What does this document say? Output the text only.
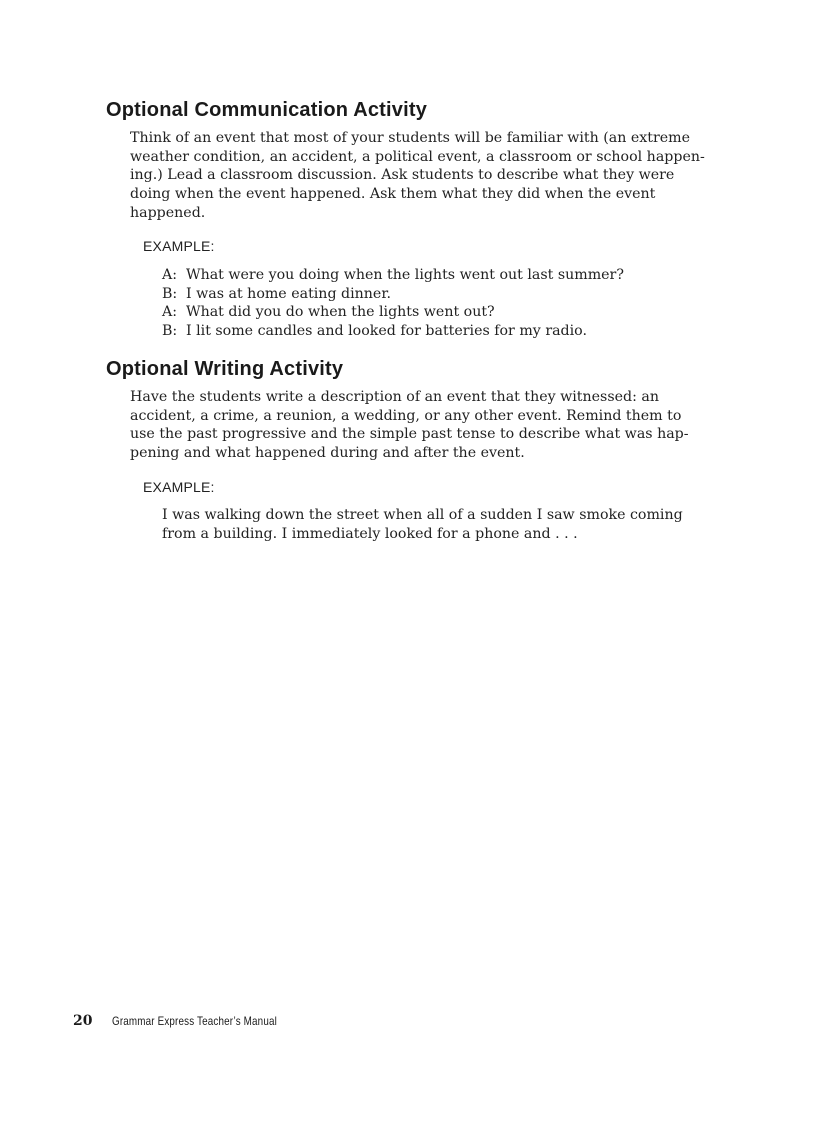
Optional Communication Activity

Think of an event that most of your students will be familiar with (an extreme
weather condition, an accident, a political event, a classroom or school happen-
ing.) Lead a classroom discussion. Ask students to describe what they were
doing when the event happened. Ask them what they did when the event
happened.

EXAMPLE:
A: What were you doing when the lights went out last summer?
B: I was at home eating dinner.
A: What did you do when the lights went out?
B: I lit some candles and looked for batteries for my radio.
Optional Writing Activity

Have the students write a description of an event that they witnessed: an
accident, a crime, a reunion, a wedding, or any other event. Remind them to
use the past progressive and the simple past tense to describe what was hap-
pening and what happened during and after the event.

EXAMPLE:

I was walking down the street when all of a sudden I saw smoke coming
from a building. I immediately looked for a phone and . . .

20 Grammar Express Teacher’s Manual
